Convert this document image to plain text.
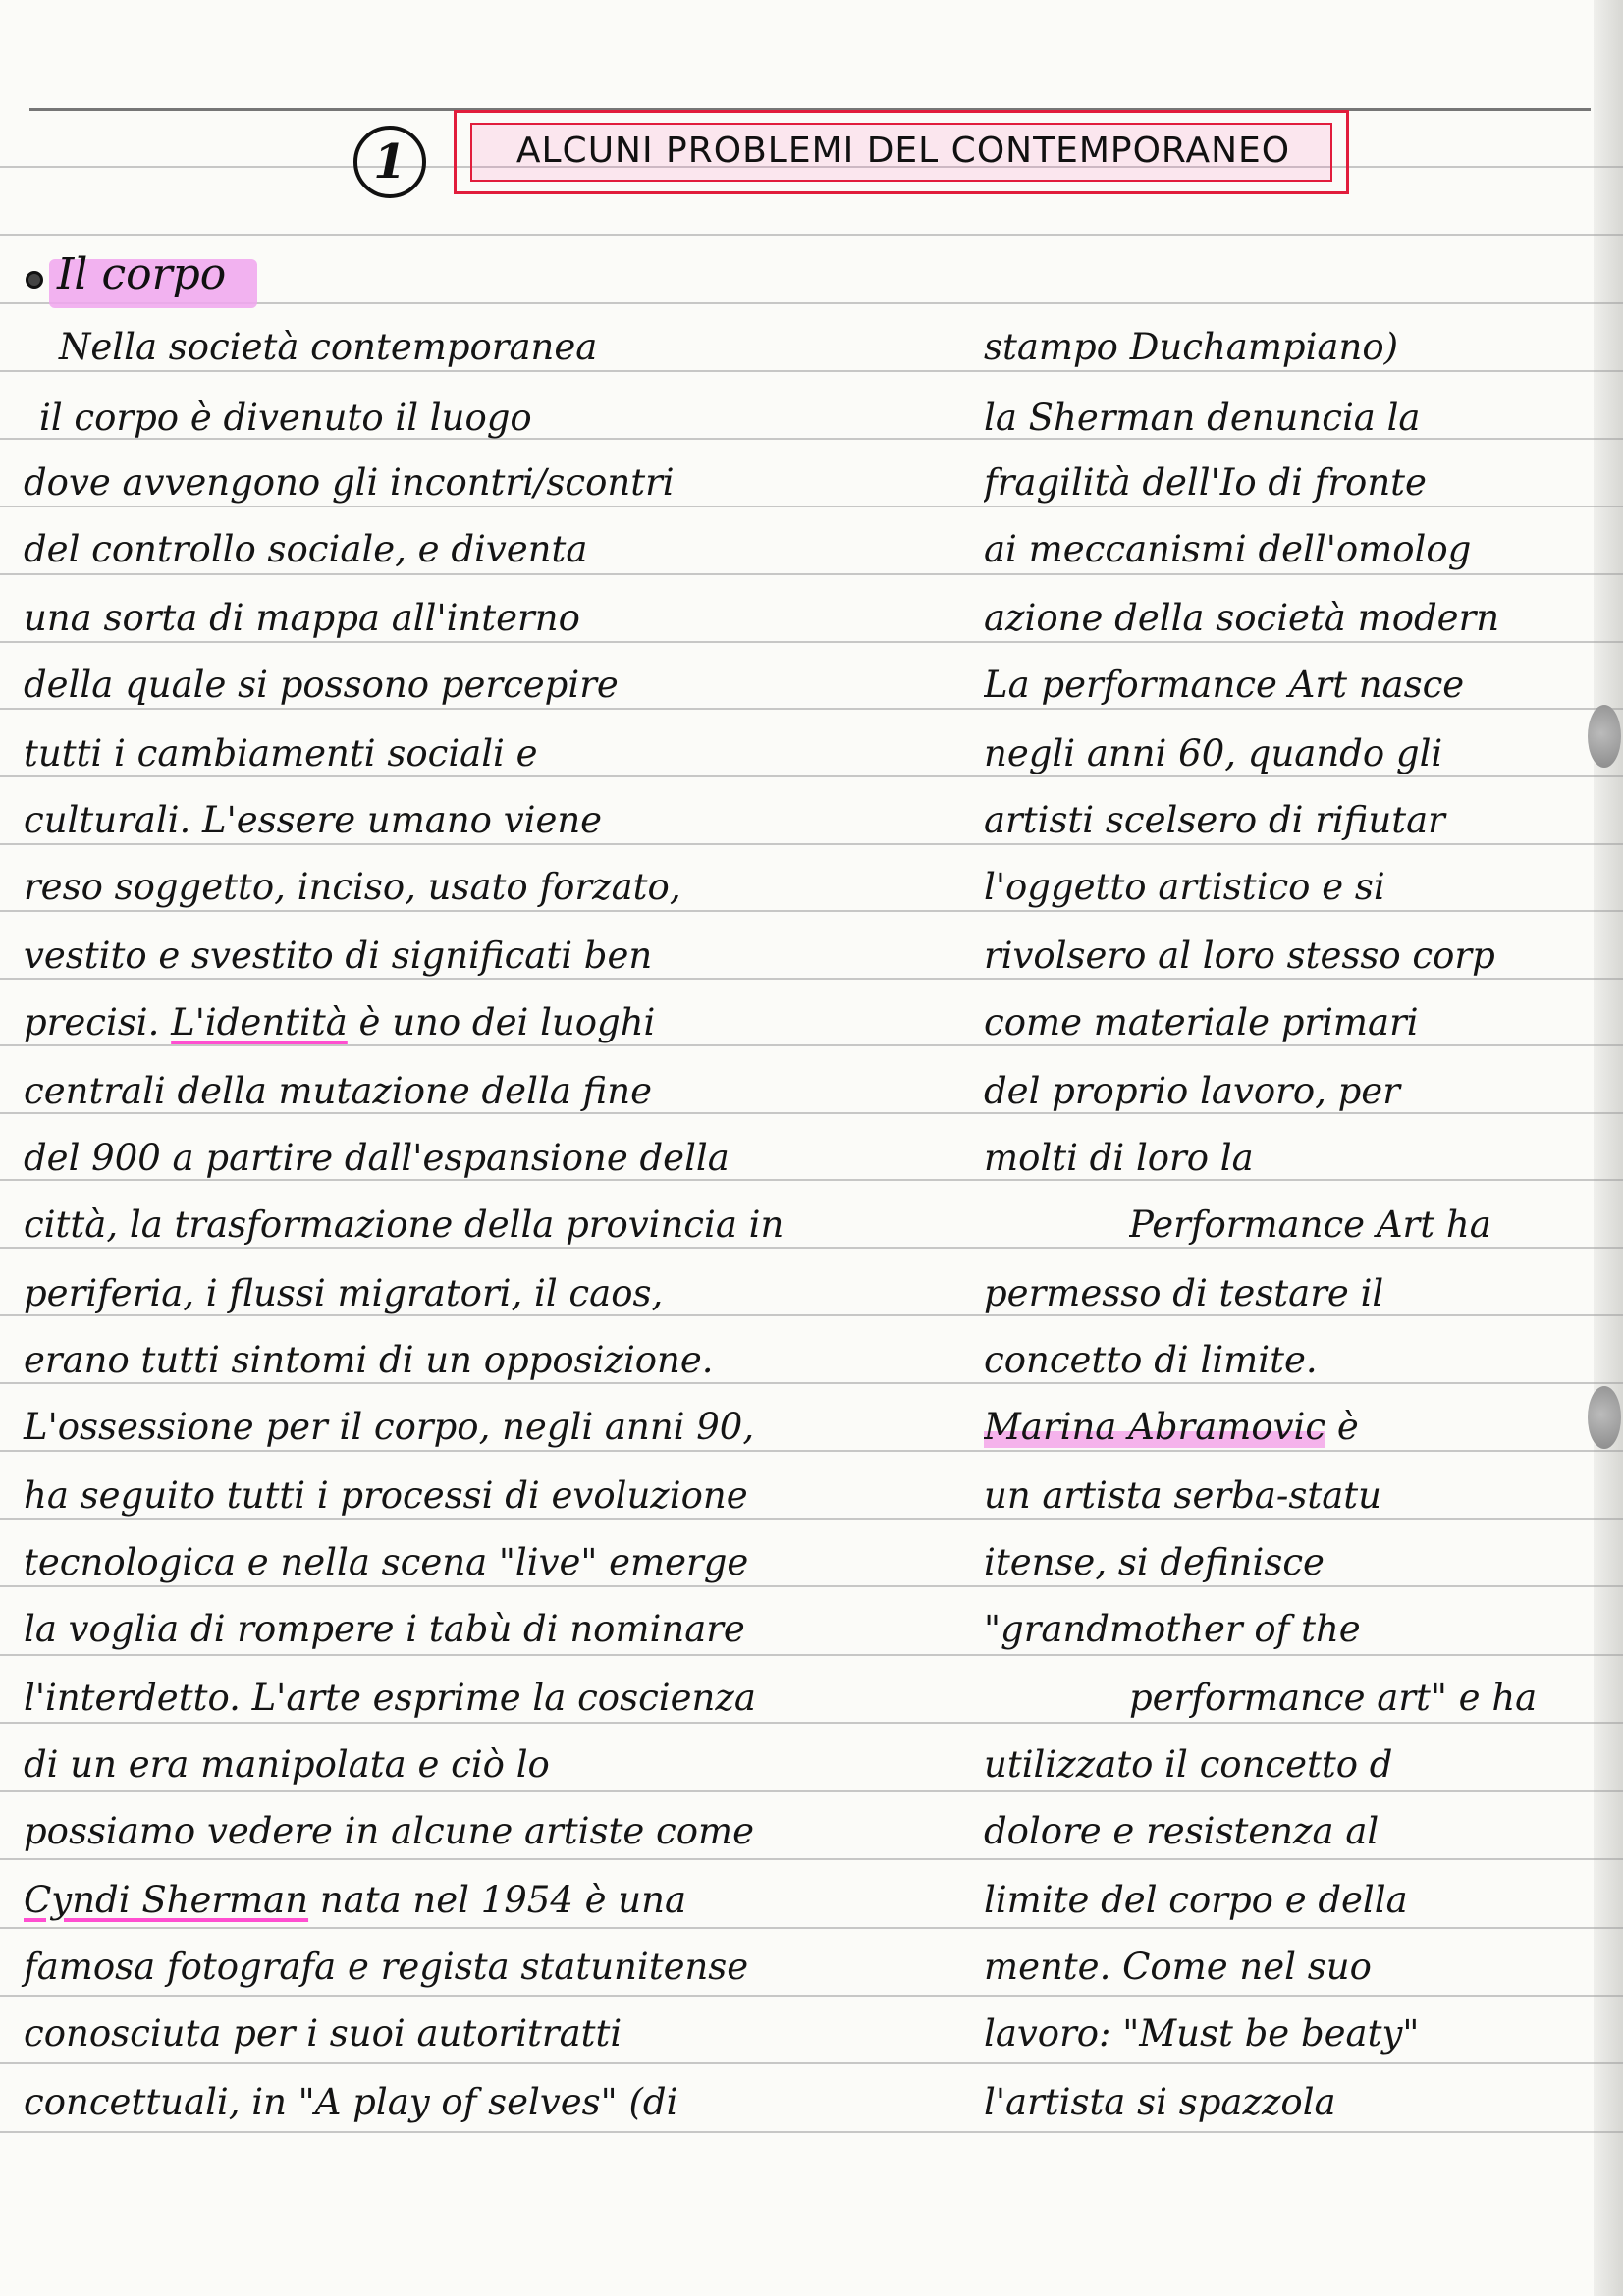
1	ALCUNI PROBLEMI DEL CONTEMPORANEO
Il corpo
Nella società contemporanea
il corpo è divenuto il luogo
dove avvengono gli incontri/scontri
del controllo sociale, e diventa
una sorta di mappa all'interno
della quale si possono percepire
tutti i cambiamenti sociali e
culturali. L'essere umano viene
reso soggetto, inciso, usato forzato,
vestito e svestito di significati ben
precisi. L'identità è uno dei luoghi
centrali della mutazione della fine
del 900 a partire dall'espansione della
città, la trasformazione della provincia in
periferia, i flussi migratori, il caos,
erano tutti sintomi di un opposizione.
L'ossessione per il corpo, negli anni 90,
ha seguito tutti i processi di evoluzione
tecnologica e nella scena "live" emerge
la voglia di rompere i tabù di nominare
l'interdetto. L'arte esprime la coscienza
di un era manipolata e ciò lo
possiamo vedere in alcune artiste come
Cyndi Sherman nata nel 1954 è una
famosa fotografa e regista statunitense
conosciuta per i suoi autoritratti
concettuali, in "A play of selves" (di
stampo Duchampiano)
la Sherman denuncia la
fragilità dell'Io di fronte
ai meccanismi dell'omolog
azione della società modern
La performance Art nasce
negli anni 60, quando gli
artisti scelsero di rifiutar
l'oggetto artistico e si
rivolsero al loro stesso corp
come materiale primari
del proprio lavoro, per
molti di loro la
Performance Art ha
permesso di testare il
concetto di limite.
Marina Abramovic è
un artista serba-statu
itense, si definisce
"grandmother of the
performance art" e ha
utilizzato il concetto d
dolore e resistenza al
limite del corpo e della
mente. Come nel suo
lavoro: "Must be beaty"
l'artista si spazzola
